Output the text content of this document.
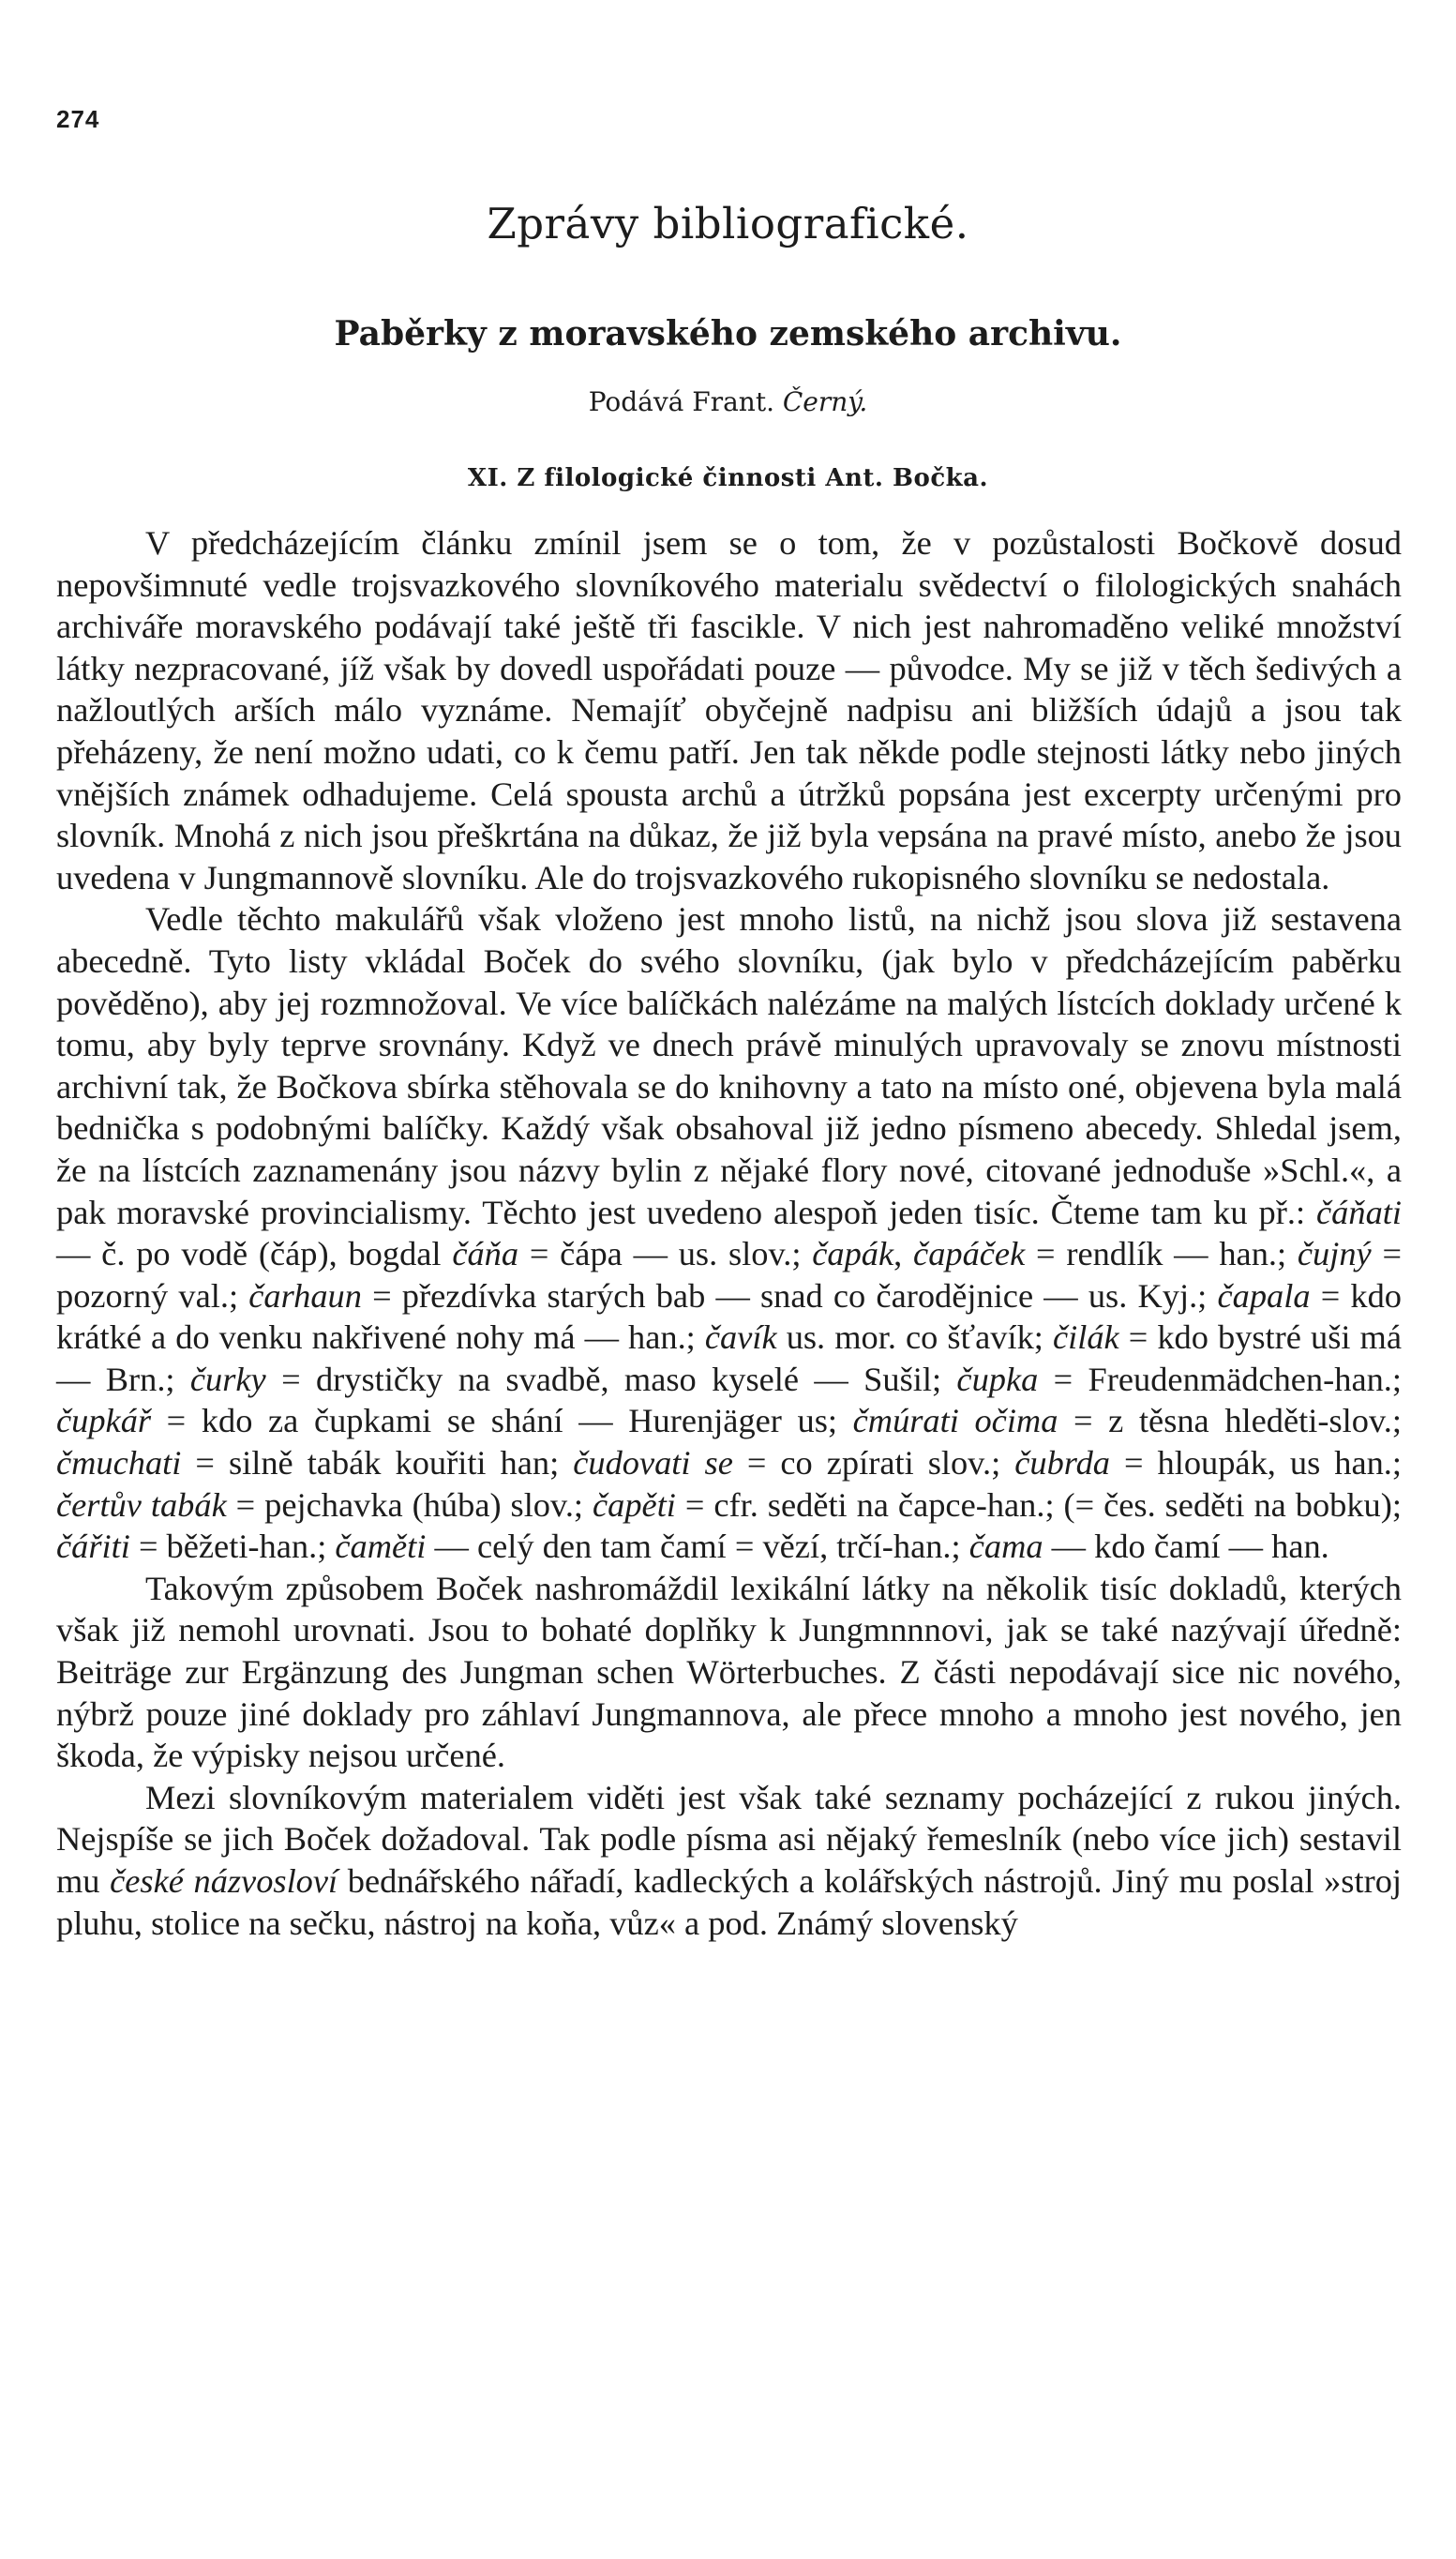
274
Zprávy bibliografické.
Paběrky z moravského zemského archivu.
Podává Frant. Černý.
XI. Z filologické činnosti Ant. Bočka.

V předcházejícím článku zmínil jsem se o tom, že v pozůstalosti Bočkově dosud nepovšimnuté vedle trojsvazkového slovníkového materialu svědectví o filologických snahách archiváře moravského podávají také ještě tři fascikle. V nich jest nahromaděno veliké množství látky nezpracované, jíž však by dovedl uspořádati pouze — původce. My se již v těch šedivých a nažloutlých arších málo vyznáme. Nemajíť obyčejně nadpisu ani bližších údajů a jsou tak přeházeny, že není možno udati, co k čemu patří. Jen tak někde podle stejnosti látky nebo jiných vnějších známek odhadujeme. Celá spousta archů a útržků popsána jest excerpty určenými pro slovník. Mnohá z nich jsou přeškrtána na důkaz, že již byla vepsána na pravé místo, anebo že jsou uvedena v Jungmannově slovníku. Ale do trojsvazkového rukopisného slovníku se nedostala.

Vedle těchto makulářů však vloženo jest mnoho listů, na nichž jsou slova již sestavena abecedně. Tyto listy vkládal Boček do svého slovníku, (jak bylo v předcházejícím paběrku pověděno), aby jej rozmnožoval. Ve více balíčkách nalézáme na malých lístcích doklady určené k tomu, aby byly teprve srovnány. Když ve dnech právě minulých upravovaly se znovu místnosti archivní tak, že Bočkova sbírka stěhovala se do knihovny a tato na místo oné, objevena byla malá bednička s podobnými balíčky. Každý však obsahoval již jedno písmeno abecedy. Shledal jsem, že na lístcích zaznamenány jsou názvy bylin z nějaké flory nové, citované jednoduše »Schl.«, a pak moravské provincialismy. Těchto jest uvedeno alespoň jeden tisíc. Čteme tam ku př.: čáňati — č. po vodě (čáp), bogdal čáňa = čápa — us. slov.; čapák, čapáček = rendlík — han.; čujný = pozorný val.; čarhaun = přezdívka starých bab — snad co čarodějnice — us. Kyj.; čapala = kdo krátké a do venku nakřivené nohy má — han.; čavík us. mor. co šťavík; čilák = kdo bystré uši má — Brn.; čurky = drystičky na svadbě, maso kyselé — Sušil; čupka = Freudenmädchen-han.; čupkář = kdo za čupkami se shání — Hurenjäger us; čmúrati očima = z těsna hleděti-slov.; čmuchati = silně tabák kouřiti han; čudovati se = co zpírati slov.; čubrda = hloupák, us han.; čertův tabák = pejchavka (húba) slov.; čapěti = cfr. seděti na čapce-han.; (= čes. seděti na bobku); čářiti = běžeti-han.; čaměti — celý den tam čamí = vězí, trčí-han.; čama — kdo čamí — han.

Takovým způsobem Boček nashromáždil lexikální látky na několik tisíc dokladů, kterých však již nemohl urovnati. Jsou to bohaté doplňky k Jungmnnnovi, jak se také nazývají úředně: Beiträge zur Ergänzung des Jungman schen Wörterbuches. Z části nepodávají sice nic nového, nýbrž pouze jiné doklady pro záhlaví Jungmannova, ale přece mnoho a mnoho jest nového, jen škoda, že výpisky nejsou určené.

Mezi slovníkovým materialem viděti jest však také seznamy pocházející z rukou jiných. Nejspíše se jich Boček dožadoval. Tak podle písma asi nějaký řemeslník (nebo více jich) sestavil mu české názvosloví bednářského nářadí, kadleckých a kolářských nástrojů. Jiný mu poslal »stroj pluhu, stolice na sečku, nástroj na koňa, vůz« a pod. Známý slovenský
